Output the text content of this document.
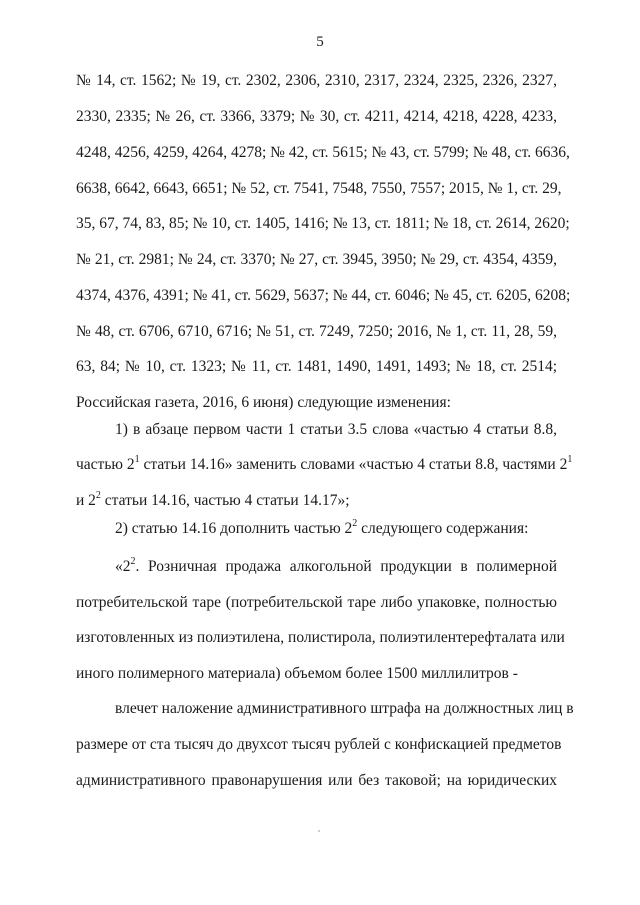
5
№ 14, ст. 1562; № 19, ст. 2302, 2306, 2310, 2317, 2324, 2325, 2326, 2327,
2330, 2335; № 26, ст. 3366, 3379; № 30, ст. 4211, 4214, 4218, 4228, 4233,
4248, 4256, 4259, 4264, 4278; № 42, ст. 5615; № 43, ст. 5799; № 48, ст. 6636,
6638, 6642, 6643, 6651; № 52, ст. 7541, 7548, 7550, 7557; 2015, № 1, ст. 29,
35, 67, 74, 83, 85; № 10, ст. 1405, 1416; № 13, ст. 1811; № 18, ст. 2614, 2620;
№ 21, ст. 2981; № 24, ст. 3370; № 27, ст. 3945, 3950; № 29, ст. 4354, 4359,
4374, 4376, 4391; № 41, ст. 5629, 5637; № 44, ст. 6046; № 45, ст. 6205, 6208;
№ 48, ст. 6706, 6710, 6716; № 51, ст. 7249, 7250; 2016, № 1, ст. 11, 28, 59,
63, 84; № 10, ст. 1323; № 11, ст. 1481, 1490, 1491, 1493; № 18, ст. 2514;
Российская газета, 2016, 6 июня) следующие изменения:
1) в абзаце первом части 1 статьи 3.5 слова «частью 4 статьи 8.8,
частью $2^1$ статьи 14.16» заменить словами «частью 4 статьи 8.8, частями $2^1$
и $2^2$ статьи 14.16, частью 4 статьи 14.17»;
2) статью 14.16 дополнить частью $2^2$ следующего содержания:
«$2^2$. Розничная продажа алкогольной продукции в полимерной
потребительской таре (потребительской таре либо упаковке, полностью
изготовленных из полиэтилена, полистирола, полиэтилентерефталата или
иного полимерного материала) объемом более 1500 миллилитров -
влечет наложение административного штрафа на должностных лиц в
размере от ста тысяч до двухсот тысяч рублей с конфискацией предметов
административного правонарушения или без таковой; на юридических
